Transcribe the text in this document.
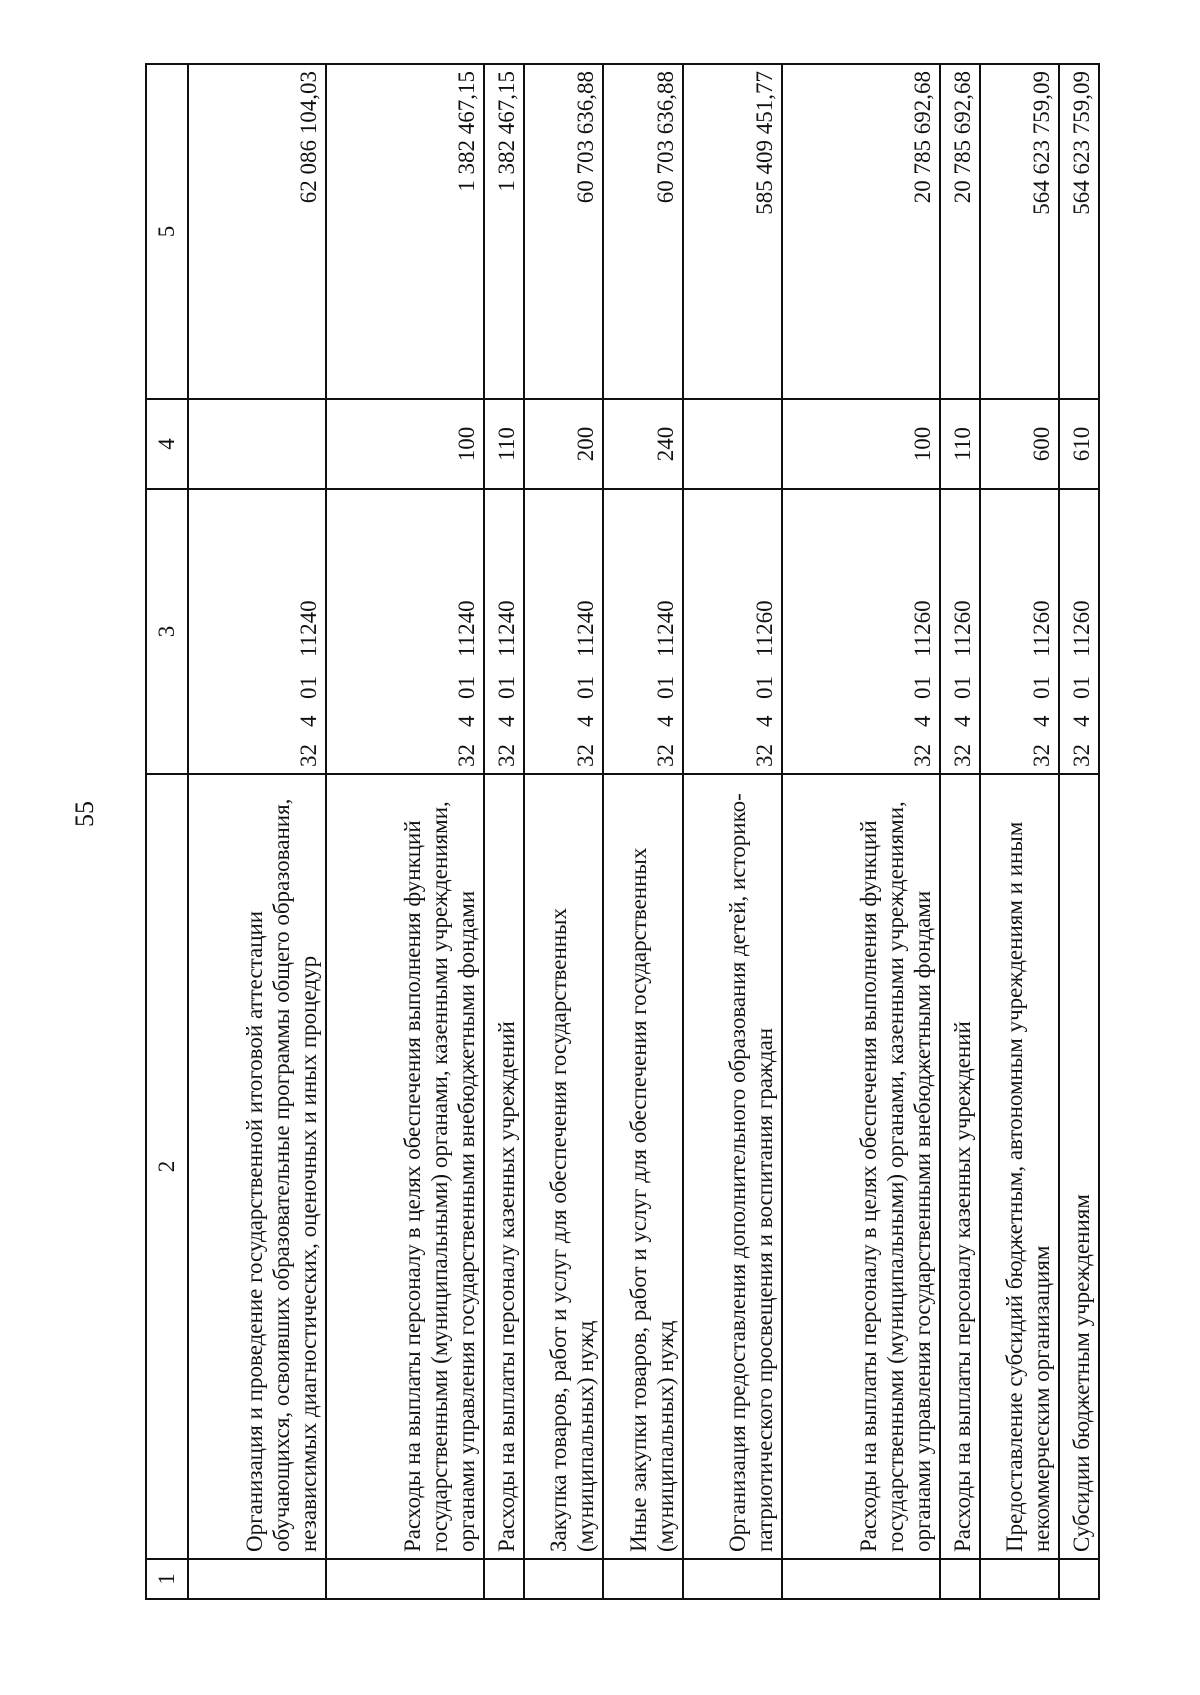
55
1	2	3	4	5
	Организация и проведение государственной итоговой аттестации обучающихся, освоивших образовательные программы общего образования, независимых диагностических, оценочных и иных процедур	3240111240		62 086 104,03
	Расходы на выплаты персоналу в целях обеспечения выполнения функций государственными (муниципальными) органами, казенными учреждениями, органами управления государственными внебюджетными фондами	3240111240	100	1 382 467,15
	Расходы на выплаты персоналу казенных учреждений	3240111240	110	1 382 467,15
	Закупка товаров, работ и услуг для обеспечения государственных (муниципальных) нужд	3240111240	200	60 703 636,88
	Иные закупки товаров, работ и услуг для обеспечения государственных (муниципальных) нужд	3240111240	240	60 703 636,88
	Организация предоставления дополнительного образования детей, историко-патриотического просвещения и воспитания граждан	3240111260		585 409 451,77
	Расходы на выплаты персоналу в целях обеспечения выполнения функций государственными (муниципальными) органами, казенными учреждениями, органами управления государственными внебюджетными фондами	3240111260	100	20 785 692,68
	Расходы на выплаты персоналу казенных учреждений	3240111260	110	20 785 692,68
	Предоставление субсидий бюджетным, автономным учреждениям и иным некоммерческим организациям	3240111260	600	564 623 759,09
	Субсидии бюджетным учреждениям	3240111260	610	564 623 759,09
